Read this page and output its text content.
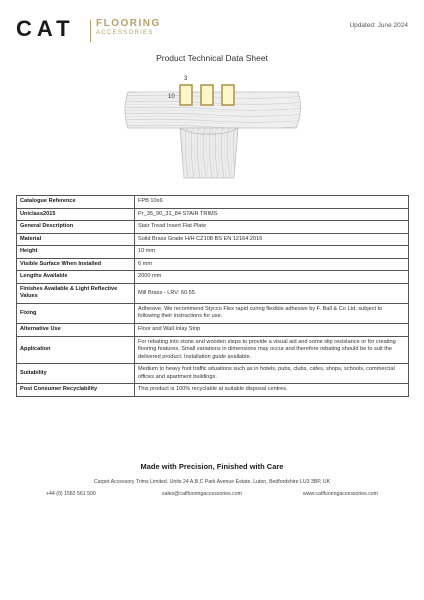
CAT FLOORING
ACCESSORIES
Updated: June 2024
Product Technical Data Sheet
3
10
Catalogue Reference	FPB 10x6
Uniclass2015	Pr_35_90_31_84 STAIR TRIMS
General Description	Stair Tread Insert Flat Plate
Material	Solid Brass Grade H/H CZ108 BS EN 12164:2016
Height	10 mm
Visible Surface When Installed	6 mm
Lengths Available	2000 mm
Finishes Available & Light Reflective Values	Mill Brass - LRV: 60.55
Fixing	Adhesive. We recommend Stycco Flex rapid curing flexible adhesive by F. Ball & Co Ltd. subject to following their instructions for use.
Alternative Use	Floor and Wall Inlay Strip
Application	For rebating into stone and wooden steps to provide a visual aid and some slip resistance or for creating flooring features. Small variations in dimensions may occur and therefore rebating should be to suit the delivered product. Installation guide available.
Suitability	Medium to heavy foot traffic situations such as in hotels, pubs, clubs, cafes, shops, schools, commercial offices and apartment buildings.
Post Consumer Recyclability	This product is 100% recyclable at suitable disposal centres.
Made with Precision, Finished with Care
Carpet Accessory Trims Limited. Units 24 A,B,C Park Avenue Estate, Luton, Bedfordshire LU3 3BP, UK
+44 (0) 1582 561 500	sales@catflooringaccessories.com	www.catflooringaccessories.com
